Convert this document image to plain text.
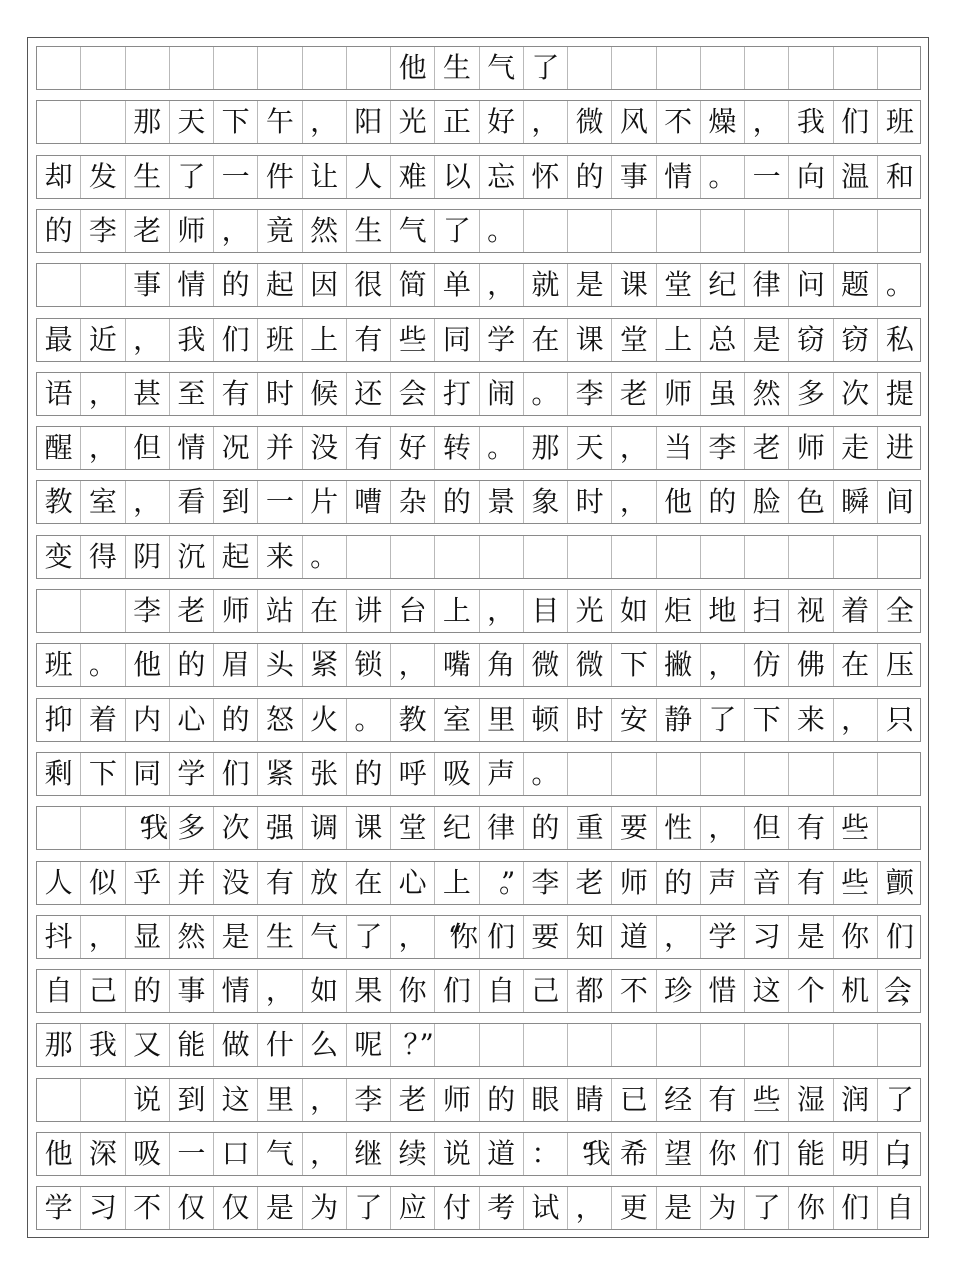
他 生 气 了
那 天 下 午 ， 阳 光 正 好 ， 微 风 不 燥 ， 我 们 班
却 发 生 了 一 件 让 人 难 以 忘 怀 的 事 情 。 一 向 温 和
的 李 老 师 ， 竟 然 生 气 了 。
事 情 的 起 因 很 简 单 ， 就 是 课 堂 纪 律 问 题 。
最 近 ， 我 们 班 上 有 些 同 学 在 课 堂 上 总 是 窃 窃 私
语 ， 甚 至 有 时 候 还 会 打 闹 。 李 老 师 虽 然 多 次 提
醒 ， 但 情 况 并 没 有 好 转 。 那 天 ， 当 李 老 师 走 进
教 室 ， 看 到 一 片 嘈 杂 的 景 象 时 ， 他 的 脸 色 瞬 间
变 得 阴 沉 起 来 。
李 老 师 站 在 讲 台 上 ， 目 光 如 炬 地 扫 视 着 全
班 。 他 的 眉 头 紧 锁 ， 嘴 角 微 微 下 撇 ， 仿 佛 在 压
抑 着 内 心 的 怒 火 。 教 室 里 顿 时 安 静 了 下 来 ， 只
剩 下 同 学 们 紧 张 的 呼 吸 声 。
“我 多 次 强 调 课 堂 纪 律 的 重 要 性 ， 但 有 些
人 似 乎 并 没 有 放 在 心 上	。”	李 老 师 的 声 音 有 些 颤
抖 ， 显 然 是 生 气 了 ， “你 们 要 知 道 ， 学 习 是 你 们
自 己 的 事 情 ， 如 果 你 们 自 己 都 不 珍 惜 这 个 机 会，
那 我 又 能 做 什 么 呢 ？”
说 到 这 里 ， 李 老 师 的 眼 睛 已 经 有 些 湿 润 了
他 深 吸 一 口 气 ， 继 续 说 道 ： “我 希 望 你 们 能 明 白，
学 习 不 仅 仅 是 为 了 应 付 考 试 ， 更 是 为 了 你 们 自
